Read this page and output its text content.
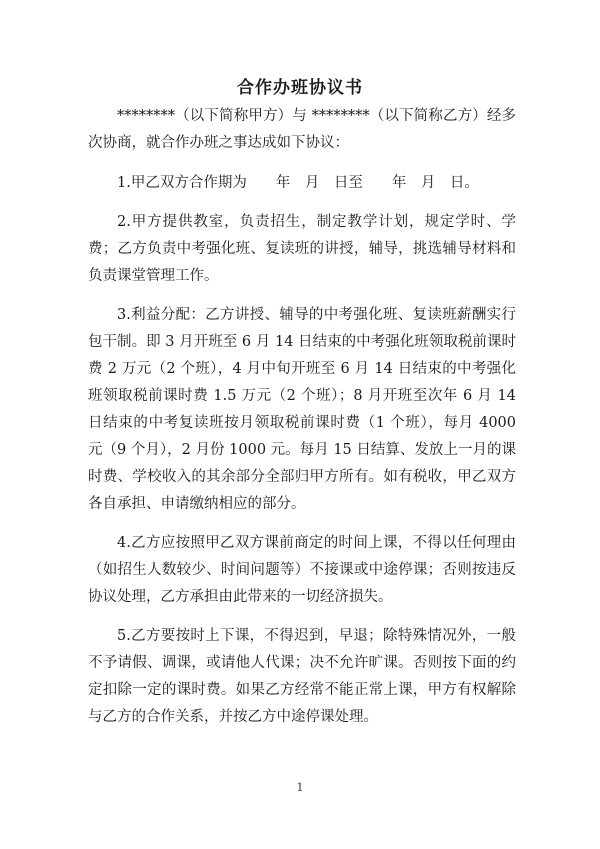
合作办班协议书

********（以下简称甲方）与 ********（以下简称乙方）经多次协商，就合作办班之事达成如下协议：

1.甲乙双方合作期为　　年　月　日至　　年　月　日。

2.甲方提供教室，负责招生，制定教学计划，规定学时、学费；乙方负责中考强化班、复读班的讲授，辅导，挑选辅导材料和负责课堂管理工作。

3.利益分配：乙方讲授、辅导的中考强化班、复读班薪酬实行包干制。即 3 月开班至 6 月 14 日结束的中考强化班领取税前课时费 2 万元（2 个班），4 月中旬开班至 6 月 14 日结束的中考强化班领取税前课时费 1.5 万元（2 个班）；8 月开班至次年 6 月 14 日结束的中考复读班按月领取税前课时费（1 个班），每月 4000 元（9 个月），2 月份 1000 元。每月 15 日结算、发放上一月的课时费、学校收入的其余部分全部归甲方所有。如有税收，甲乙双方各自承担、申请缴纳相应的部分。

4.乙方应按照甲乙双方课前商定的时间上课，不得以任何理由（如招生人数较少、时间问题等）不接课或中途停课；否则按违反协议处理，乙方承担由此带来的一切经济损失。

5.乙方要按时上下课，不得迟到，早退；除特殊情况外，一般不予请假、调课，或请他人代课；决不允许旷课。否则按下面的约定扣除一定的课时费。如果乙方经常不能正常上课，甲方有权解除与乙方的合作关系，并按乙方中途停课处理。

1
